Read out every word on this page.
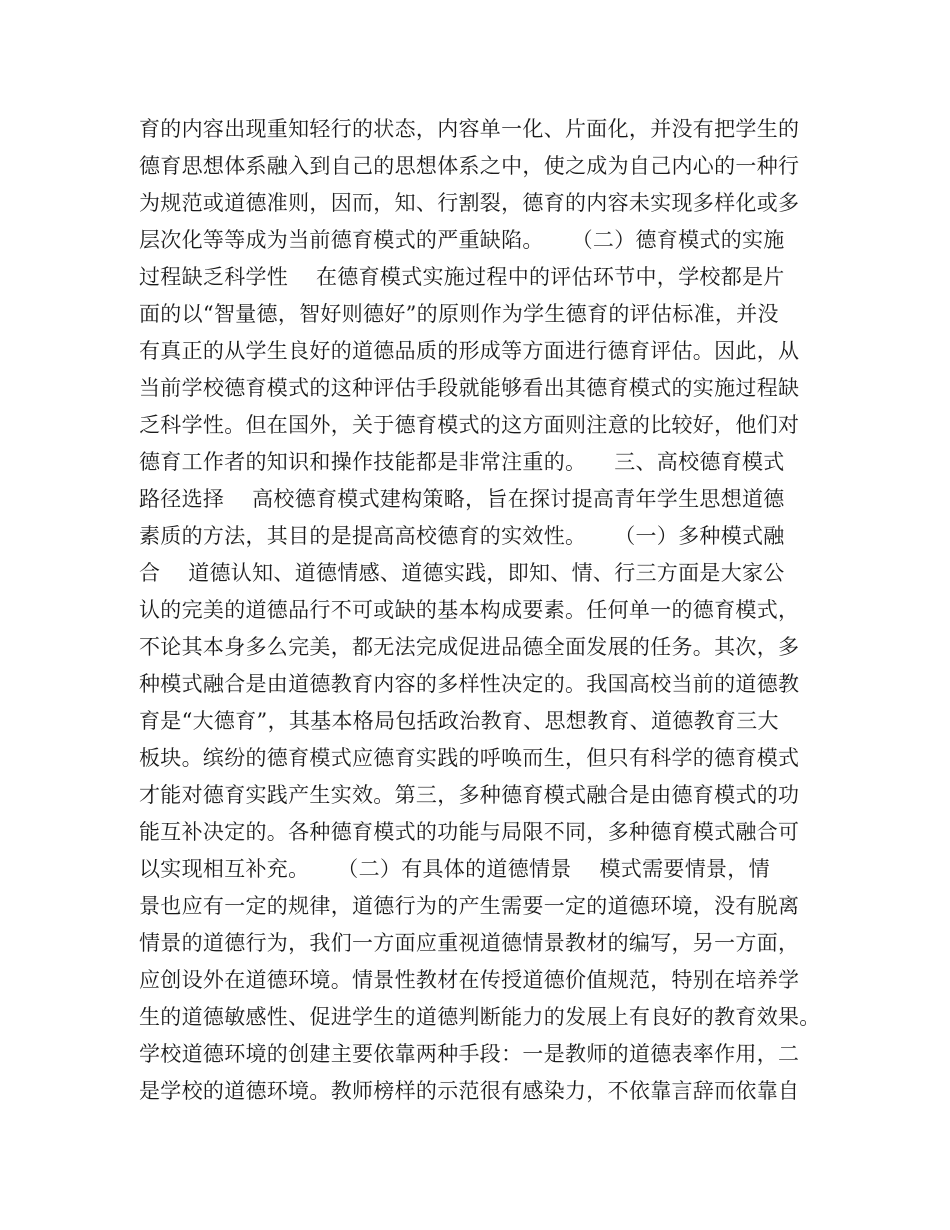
育的内容出现重知轻行的状态，内容单一化、片面化，并没有把学生的
德育思想体系融入到自己的思想体系之中，使之成为自己内心的一种行
为规范或道德准则，因而，知、行割裂，德育的内容未实现多样化或多
层次化等等成为当前德育模式的严重缺陷。    （二）德育模式的实施
过程缺乏科学性    在德育模式实施过程中的评估环节中，学校都是片
面的以“智量德，智好则德好”的原则作为学生德育的评估标准，并没
有真正的从学生良好的道德品质的形成等方面进行德育评估。因此，从
当前学校德育模式的这种评估手段就能够看出其德育模式的实施过程缺
乏科学性。但在国外，关于德育模式的这方面则注意的比较好，他们对
德育工作者的知识和操作技能都是非常注重的。    三、高校德育模式
路径选择    高校德育模式建构策略，旨在探讨提高青年学生思想道德
素质的方法，其目的是提高高校德育的实效性。    （一）多种模式融
合    道德认知、道德情感、道德实践，即知、情、行三方面是大家公
认的完美的道德品行不可或缺的基本构成要素。任何单一的德育模式，
不论其本身多么完美，都无法完成促进品德全面发展的任务。其次，多
种模式融合是由道德教育内容的多样性决定的。我国高校当前的道德教
育是“大德育”，其基本格局包括政治教育、思想教育、道德教育三大
板块。缤纷的德育模式应德育实践的呼唤而生，但只有科学的德育模式
才能对德育实践产生实效。第三，多种德育模式融合是由德育模式的功
能互补决定的。各种德育模式的功能与局限不同，多种德育模式融合可
以实现相互补充。    （二）有具体的道德情景    模式需要情景，情
景也应有一定的规律，道德行为的产生需要一定的道德环境，没有脱离
情景的道德行为，我们一方面应重视道德情景教材的编写，另一方面，
应创设外在道德环境。情景性教材在传授道德价值规范，特别在培养学
生的道德敏感性、促进学生的道德判断能力的发展上有良好的教育效果。
学校道德环境的创建主要依靠两种手段：一是教师的道德表率作用，二
是学校的道德环境。教师榜样的示范很有感染力，不依靠言辞而依靠自
